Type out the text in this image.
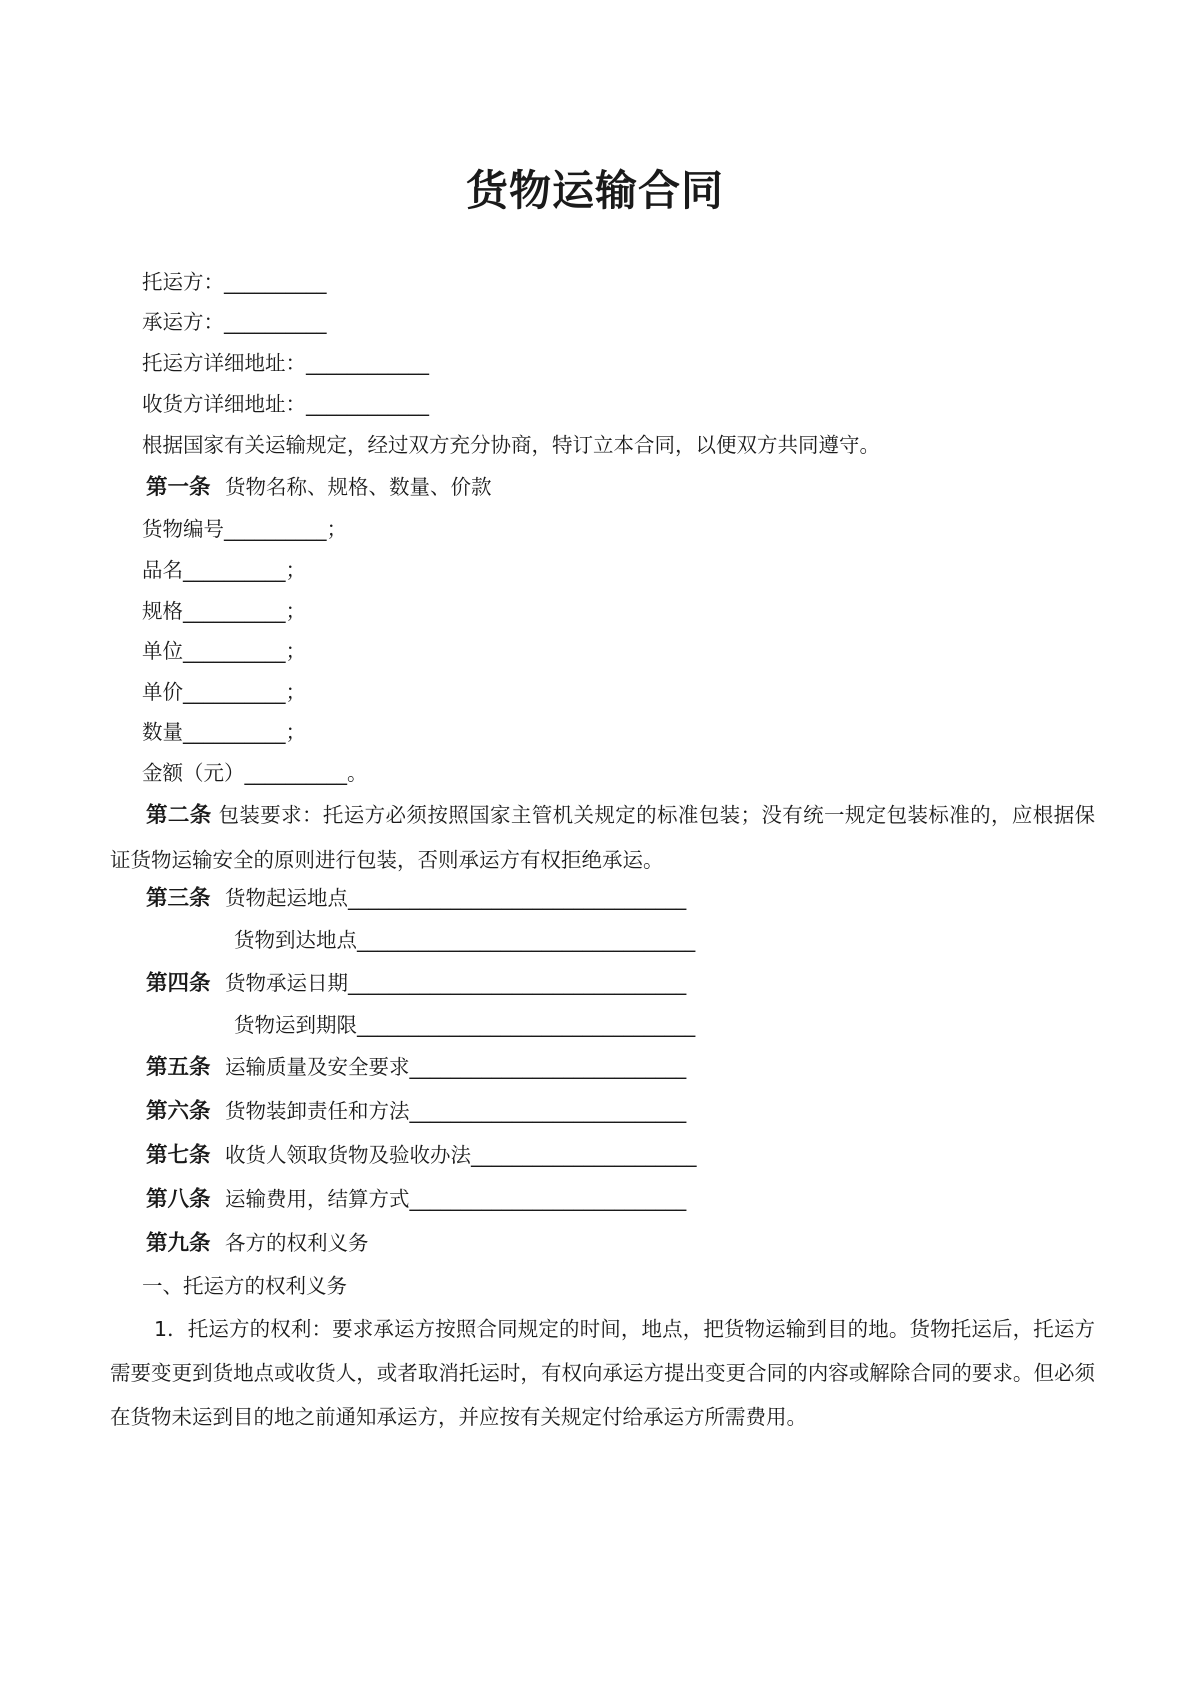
货物运输合同
托运方：__________
承运方：__________
托运方详细地址：____________
收货方详细地址：____________
根据国家有关运输规定，经过双方充分协商，特订立本合同，以便双方共同遵守。
第一条 货物名称、规格、数量、价款
货物编号__________；
品名__________；
规格__________；
单位__________；
单价__________；
数量__________；
金额（元）__________。
第二条 包装要求：托运方必须按照国家主管机关规定的标准包装；没有统一规定包装标准的，应根据保证货物运输安全的原则进行包装，否则承运方有权拒绝承运。
第三条 货物起运地点_________________________________
货物到达地点_________________________________
第四条 货物承运日期_________________________________
货物运到期限_________________________________
第五条 运输质量及安全要求___________________________
第六条 货物装卸责任和方法___________________________
第七条 收货人领取货物及验收办法______________________
第八条 运输费用，结算方式___________________________
第九条 各方的权利义务
一、托运方的权利义务
1．托运方的权利：要求承运方按照合同规定的时间，地点，把货物运输到目的地。货物托运后，托运方需要变更到货地点或收货人，或者取消托运时，有权向承运方提出变更合同的内容或解除合同的要求。但必须在货物未运到目的地之前通知承运方，并应按有关规定付给承运方所需费用。
